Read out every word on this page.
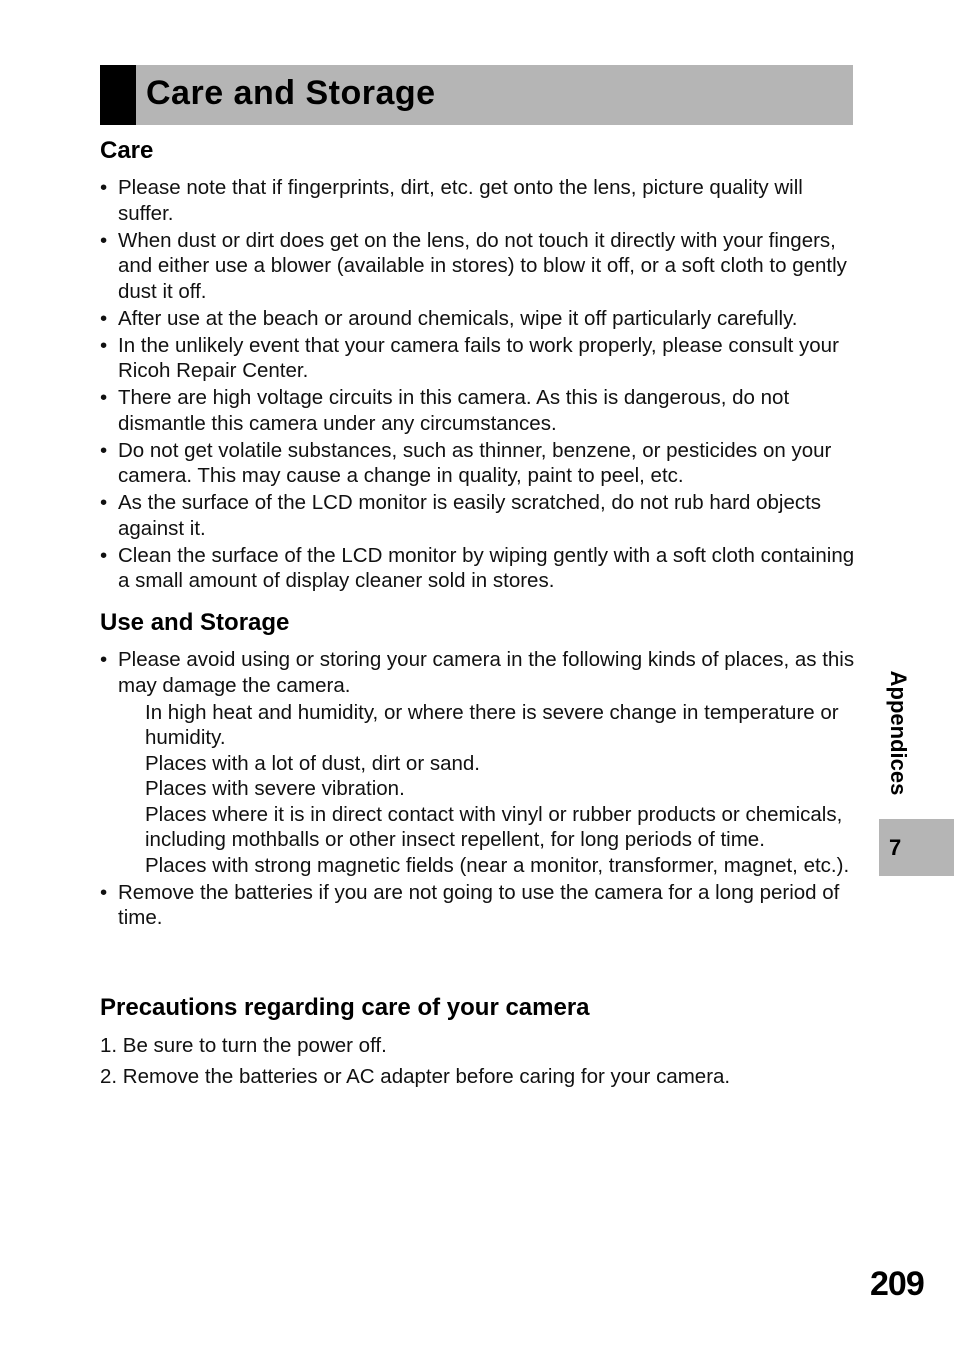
Care and Storage
Care
• Please note that if fingerprints, dirt, etc. get onto the lens, picture quality will suffer.
• When dust or dirt does get on the lens, do not touch it directly with your fingers, and either use a blower (available in stores) to blow it off, or a soft cloth to gently dust it off.
• After use at the beach or around chemicals, wipe it off particularly carefully.
• In the unlikely event that your camera fails to work properly, please consult your Ricoh Repair Center.
• There are high voltage circuits in this camera. As this is dangerous, do not dismantle this camera under any circumstances.
• Do not get volatile substances, such as thinner, benzene, or pesticides on your camera. This may cause a change in quality, paint to peel, etc.
• As the surface of the LCD monitor is easily scratched, do not rub hard objects against it.
• Clean the surface of the LCD monitor by wiping gently with a soft cloth containing a small amount of display cleaner sold in stores.
Use and Storage
• Please avoid using or storing your camera in the following kinds of places, as this may damage the camera.
In high heat and humidity, or where there is severe change in temperature or humidity.
Places with a lot of dust, dirt or sand.
Places with severe vibration.
Places where it is in direct contact with vinyl or rubber products or chemicals, including mothballs or other insect repellent, for long periods of time.
Places with strong magnetic fields (near a monitor, transformer, magnet, etc.).
• Remove the batteries if you are not going to use the camera for a long period of time.
Precautions regarding care of your camera
1. Be sure to turn the power off.
2. Remove the batteries or AC adapter before caring for your camera.
Appendices
7
209
